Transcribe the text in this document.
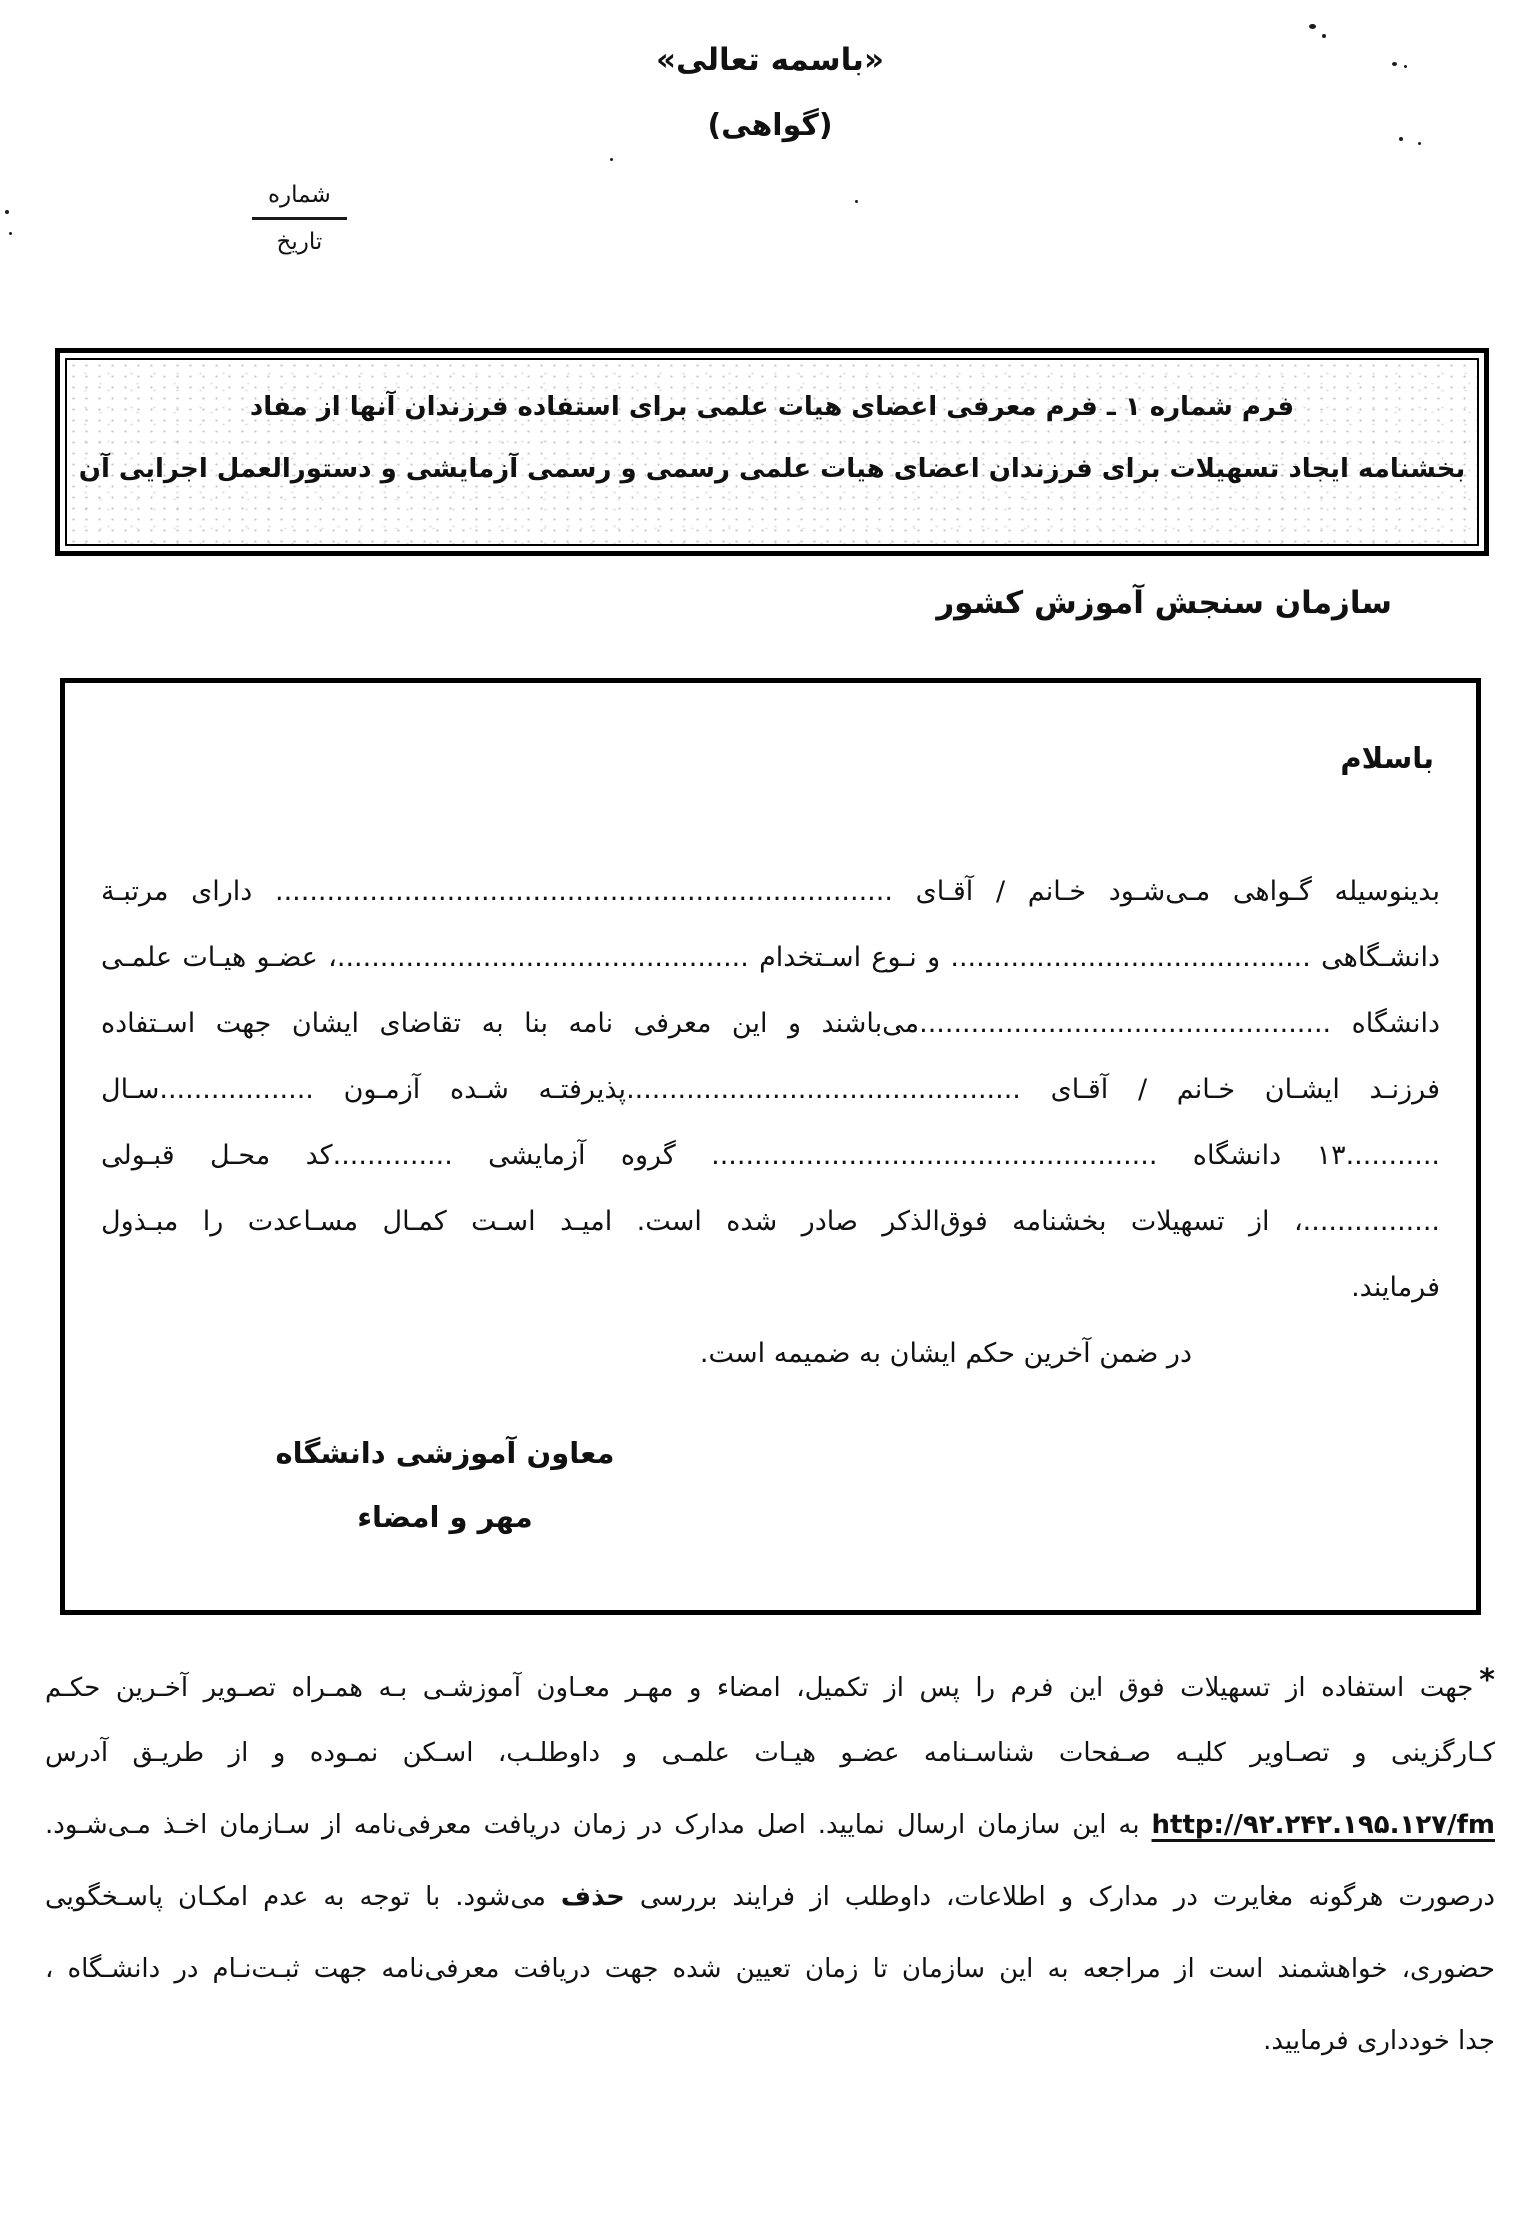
«باسمه تعالی»
(گواهی)
شماره
تاریخ
فرم شماره ۱ ـ فرم معرفی اعضای هیات علمی برای استفاده فرزندان آنها از مفاد
بخشنامه ایجاد تسهیلات برای فرزندان اعضای هیات علمی رسمی و رسمی آزمایشی و دستورالعمل اجرایی آن
سازمان سنجش آموزش کشور
باسلام
بدینوسیله گـواهی مـی‌شـود خـانم / آقـای ........................................................................ دارای مرتبـة
دانشـگاهی .......................................... و نـوع اسـتخدام ................................................، عضـو هیـات علمـی
دانشگاه ................................................می‌باشند و این معرفی نامه بنا به تقاضای ایشان جهت اسـتفاده
فرزنـد ایشـان خـانم / آقـای ..............................................پذیرفتـه شـده آزمـون ..................سـال
...........۱۳ دانشگاه .................................................... گروه آزمایشی ..............کد محـل قبـولی
................، از تسهیلات بخشنامه فوق‌الذکر صادر شده است. امیـد اسـت کمـال مسـاعدت را مبـذول
فرمایند.
در ضمن آخرین حکم ایشان به ضمیمه است.
معاون آموزشی دانشگاه
مهر و امضاء
*جهت استفاده از تسهیلات فوق این فرم را پس از تکمیل، امضاء و مهـر معـاون آموزشـی بـه همـراه تصـویر آخـرین حکـم
کـارگزینی و تصـاویر کلیـه صـفحات شناسـنامه عضـو هیـات علمـی و داوطلـب، اسـکن نمـوده و از طریـق آدرس
http://۹۲.۲۴۲.۱۹۵.۱۲۷/fm به این سازمان ارسال نمایید. اصل مدارک در زمان دریافت معرفی‌نامه از سـازمان اخـذ مـی‌شـود.
درصورت هرگونه مغایرت در مدارک و اطلاعات، داوطلب از فرایند بررسی حذف می‌شود. با توجه به عدم امکـان پاسـخگویی
حضوری، خواهشمند است از مراجعه به این سازمان تا زمان تعیین شده جهت دریافت معرفی‌نامه جهت ثبـت‌نـام در دانشـگاه ،
جدا خودداری فرمایید.
